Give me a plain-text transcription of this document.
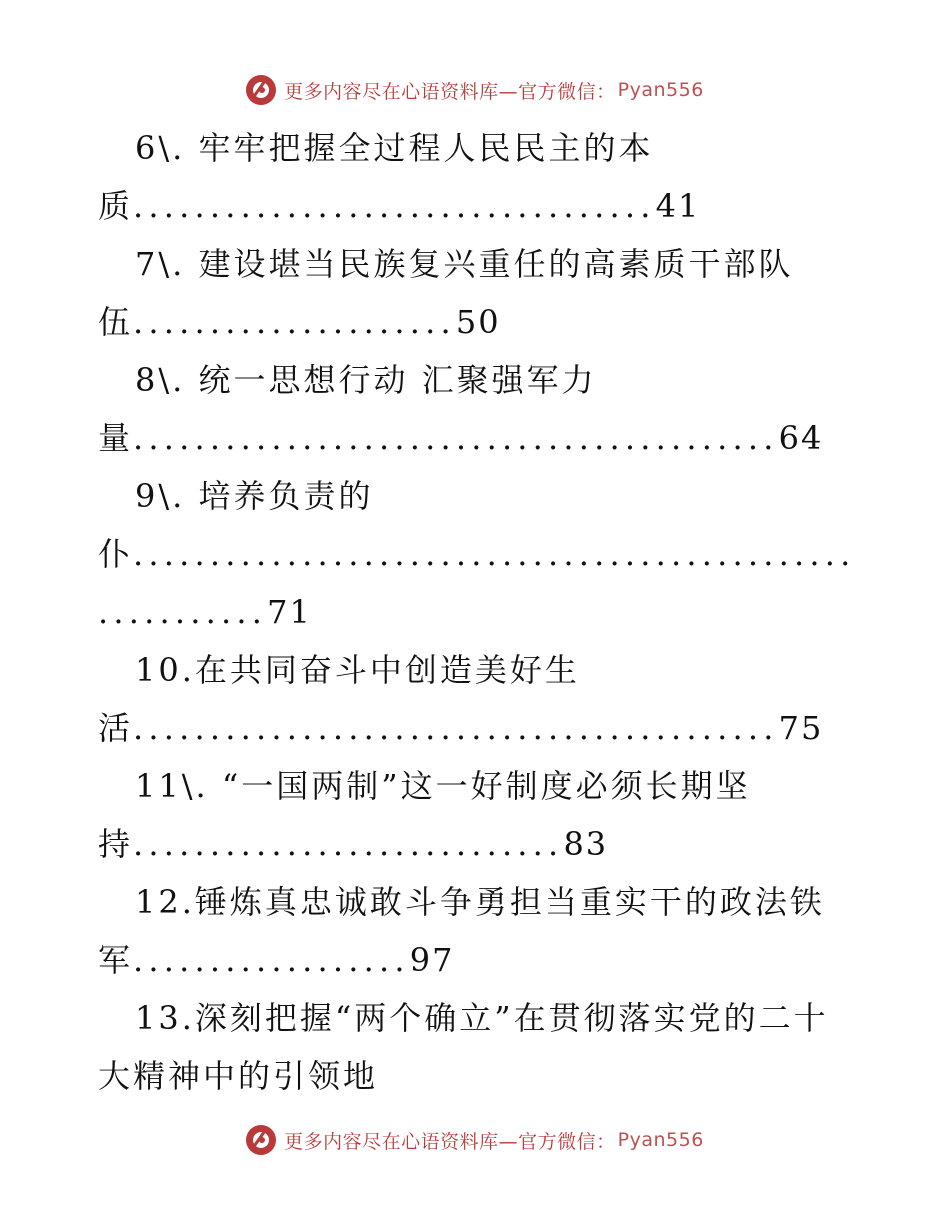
更多内容尽在心语资料库—官方微信： Pyan556
6\. 牢牢把握全过程人民民主的本
质..................................41
7\. 建设堪当民族复兴重任的高素质干部队
伍.....................50
8\. 统一思想行动 汇聚强军力
量..........................................64
9\. 培养负责的
仆...............................................
...........71
10.在共同奋斗中创造美好生
活..........................................75
11\. “一国两制”这一好制度必须长期坚
持............................83
12.锤炼真忠诚敢斗争勇担当重实干的政法铁
军..................97
13.深刻把握“两个确立”在贯彻落实党的二十
大精神中的引领地
更多内容尽在心语资料库—官方微信： Pyan556
